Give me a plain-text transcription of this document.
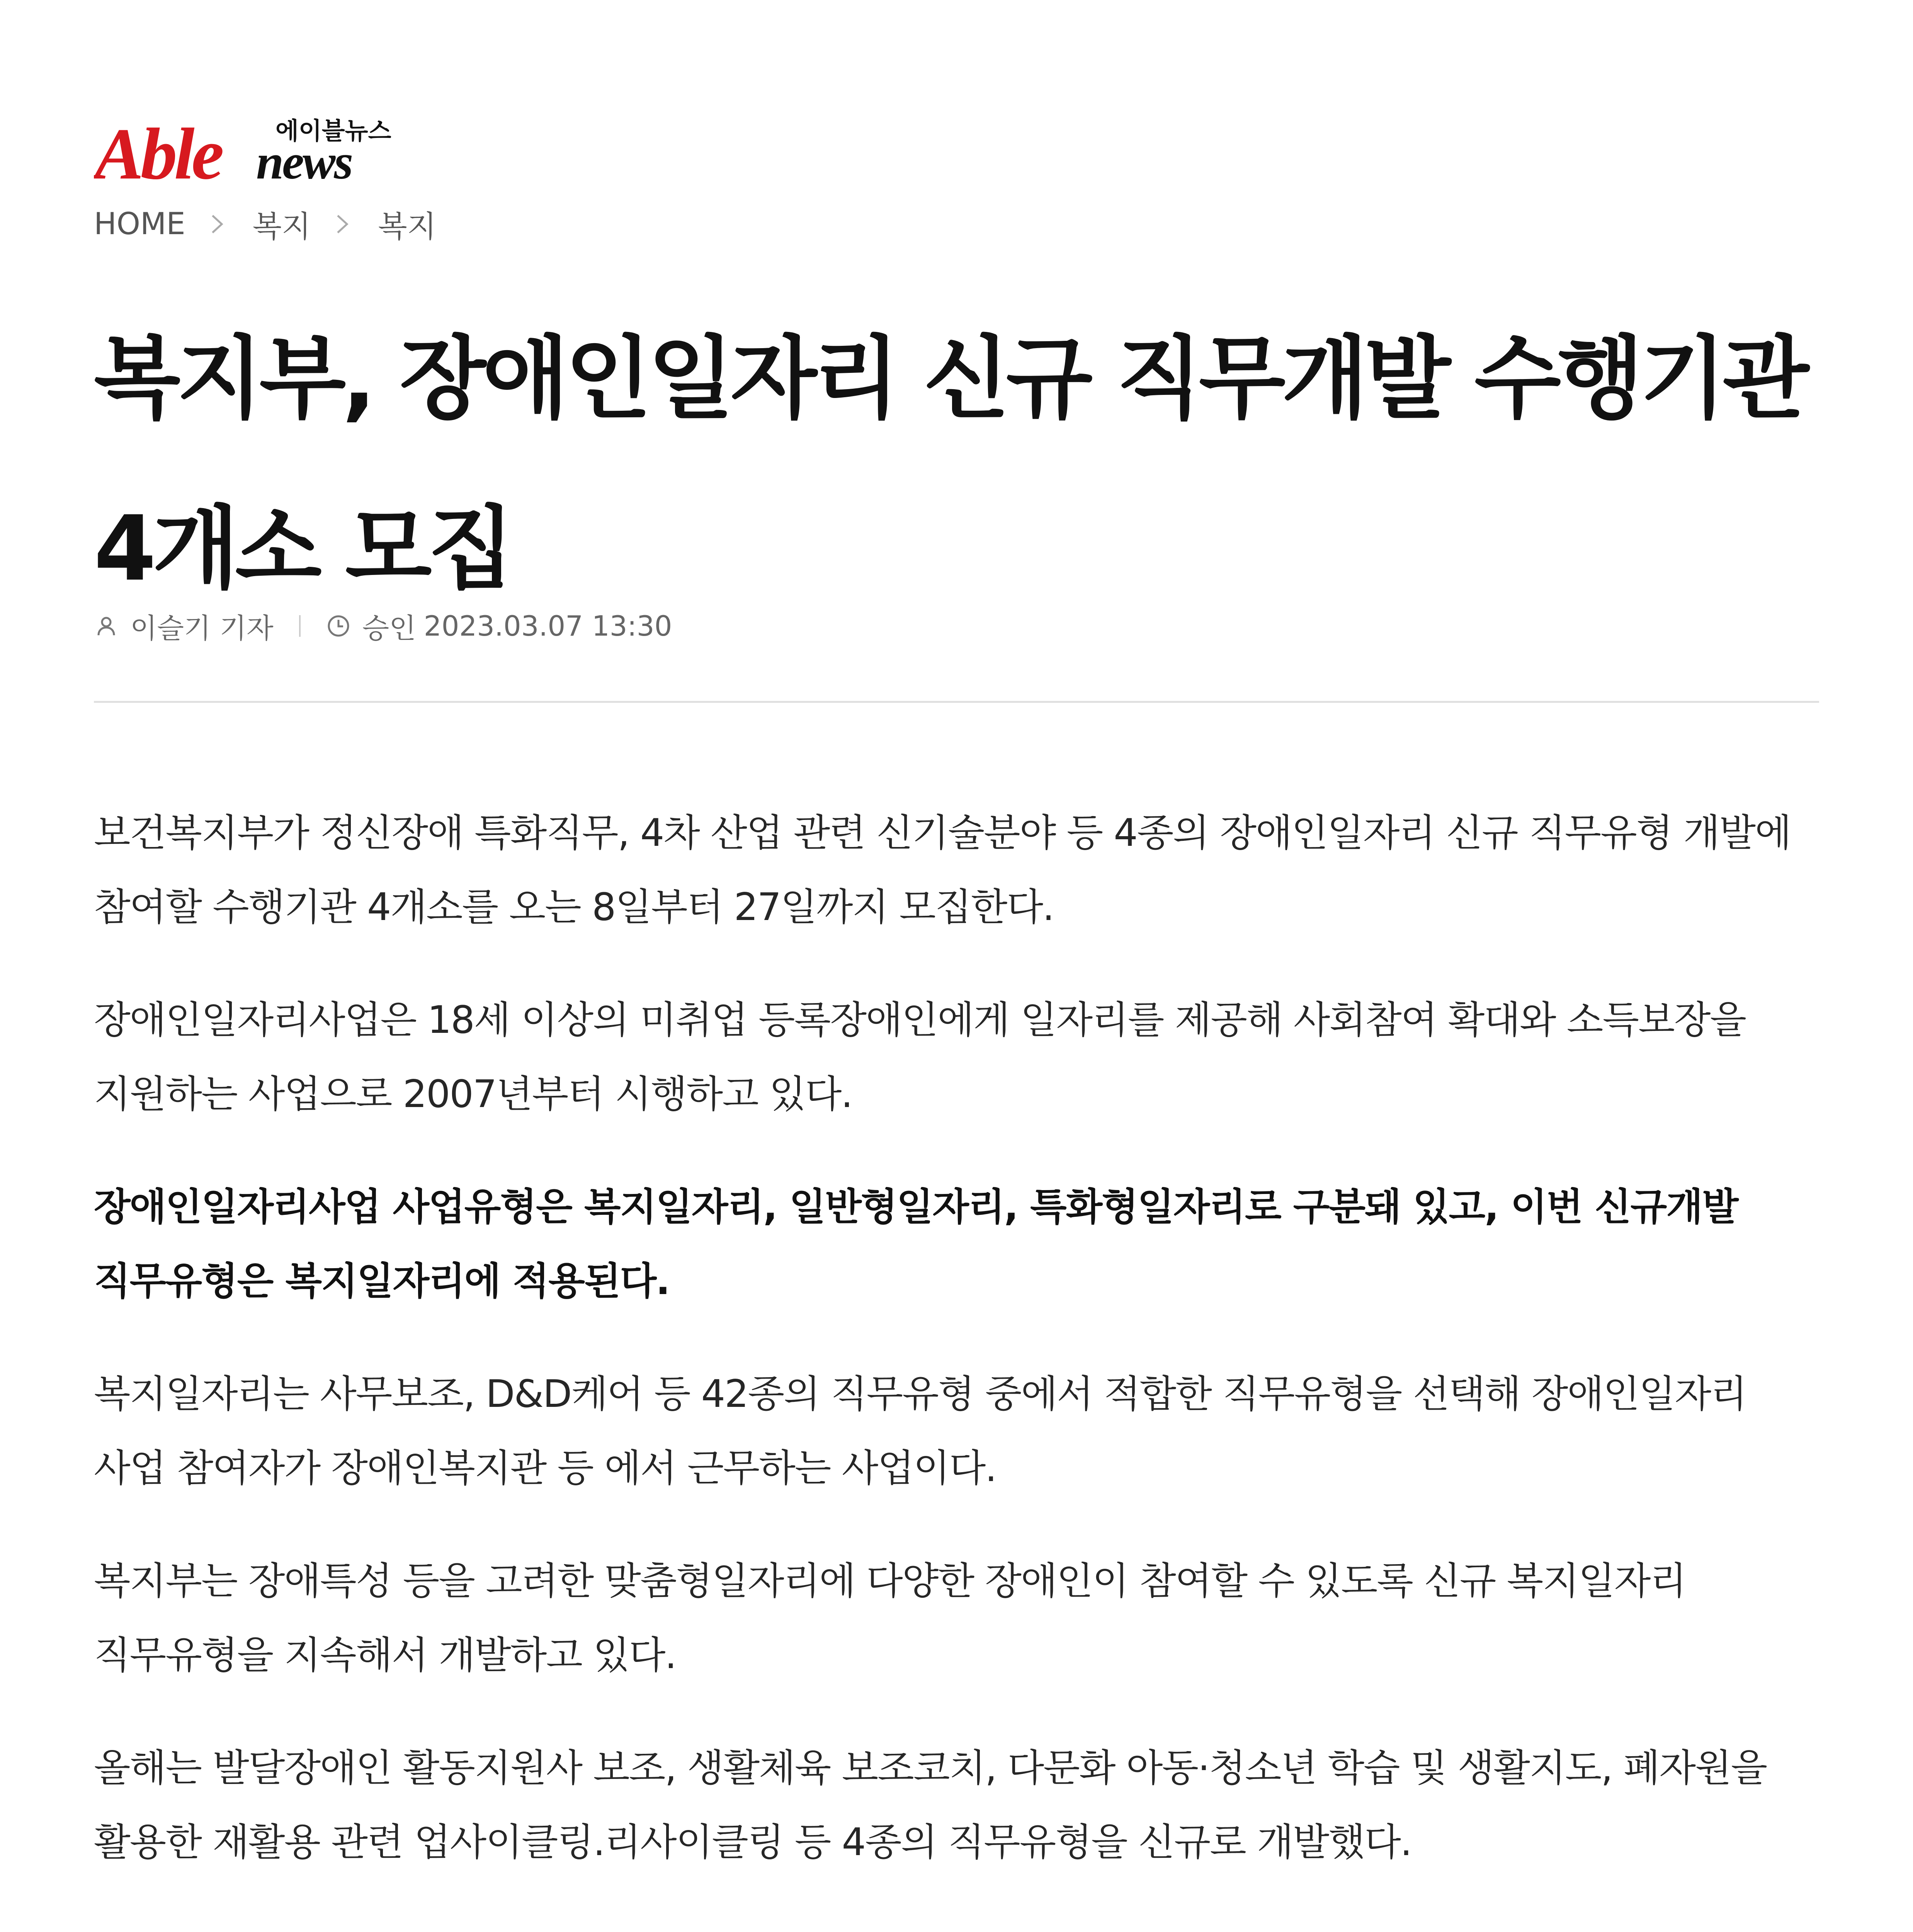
Able news
에이블뉴스
HOME 복지 복지
복지부, 장애인일자리 신규 직무개발 수행기관
4개소 모집
이슬기 기자	승인 2023.03.07 13:30

보건복지부가 정신장애 특화직무, 4차 산업 관련 신기술분야 등 4종의 장애인일자리 신규 직무유형 개발에 참여할 수행기관 4개소를 오는 8일부터 27일까지 모집한다.

장애인일자리사업은 18세 이상의 미취업 등록장애인에게 일자리를 제공해 사회참여 확대와 소득보장을 지원하는 사업으로 2007년부터 시행하고 있다.

장애인일자리사업 사업유형은 복지일자리, 일반형일자리, 특화형일자리로 구분돼 있고, 이번 신규개발 직무유형은 복지일자리에 적용된다.

복지일자리는 사무보조, D&D케어 등 42종의 직무유형 중에서 적합한 직무유형을 선택해 장애인일자리 사업 참여자가 장애인복지관 등 에서 근무하는 사업이다.

복지부는 장애특성 등을 고려한 맞춤형일자리에 다양한 장애인이 참여할 수 있도록 신규 복지일자리 직무유형을 지속해서 개발하고 있다.

올해는 발달장애인 활동지원사 보조, 생활체육 보조코치, 다문화 아동·청소년 학습 및 생활지도, 폐자원을 활용한 재활용 관련 업사이클링.리사이클링 등 4종의 직무유형을 신규로 개발했다.
